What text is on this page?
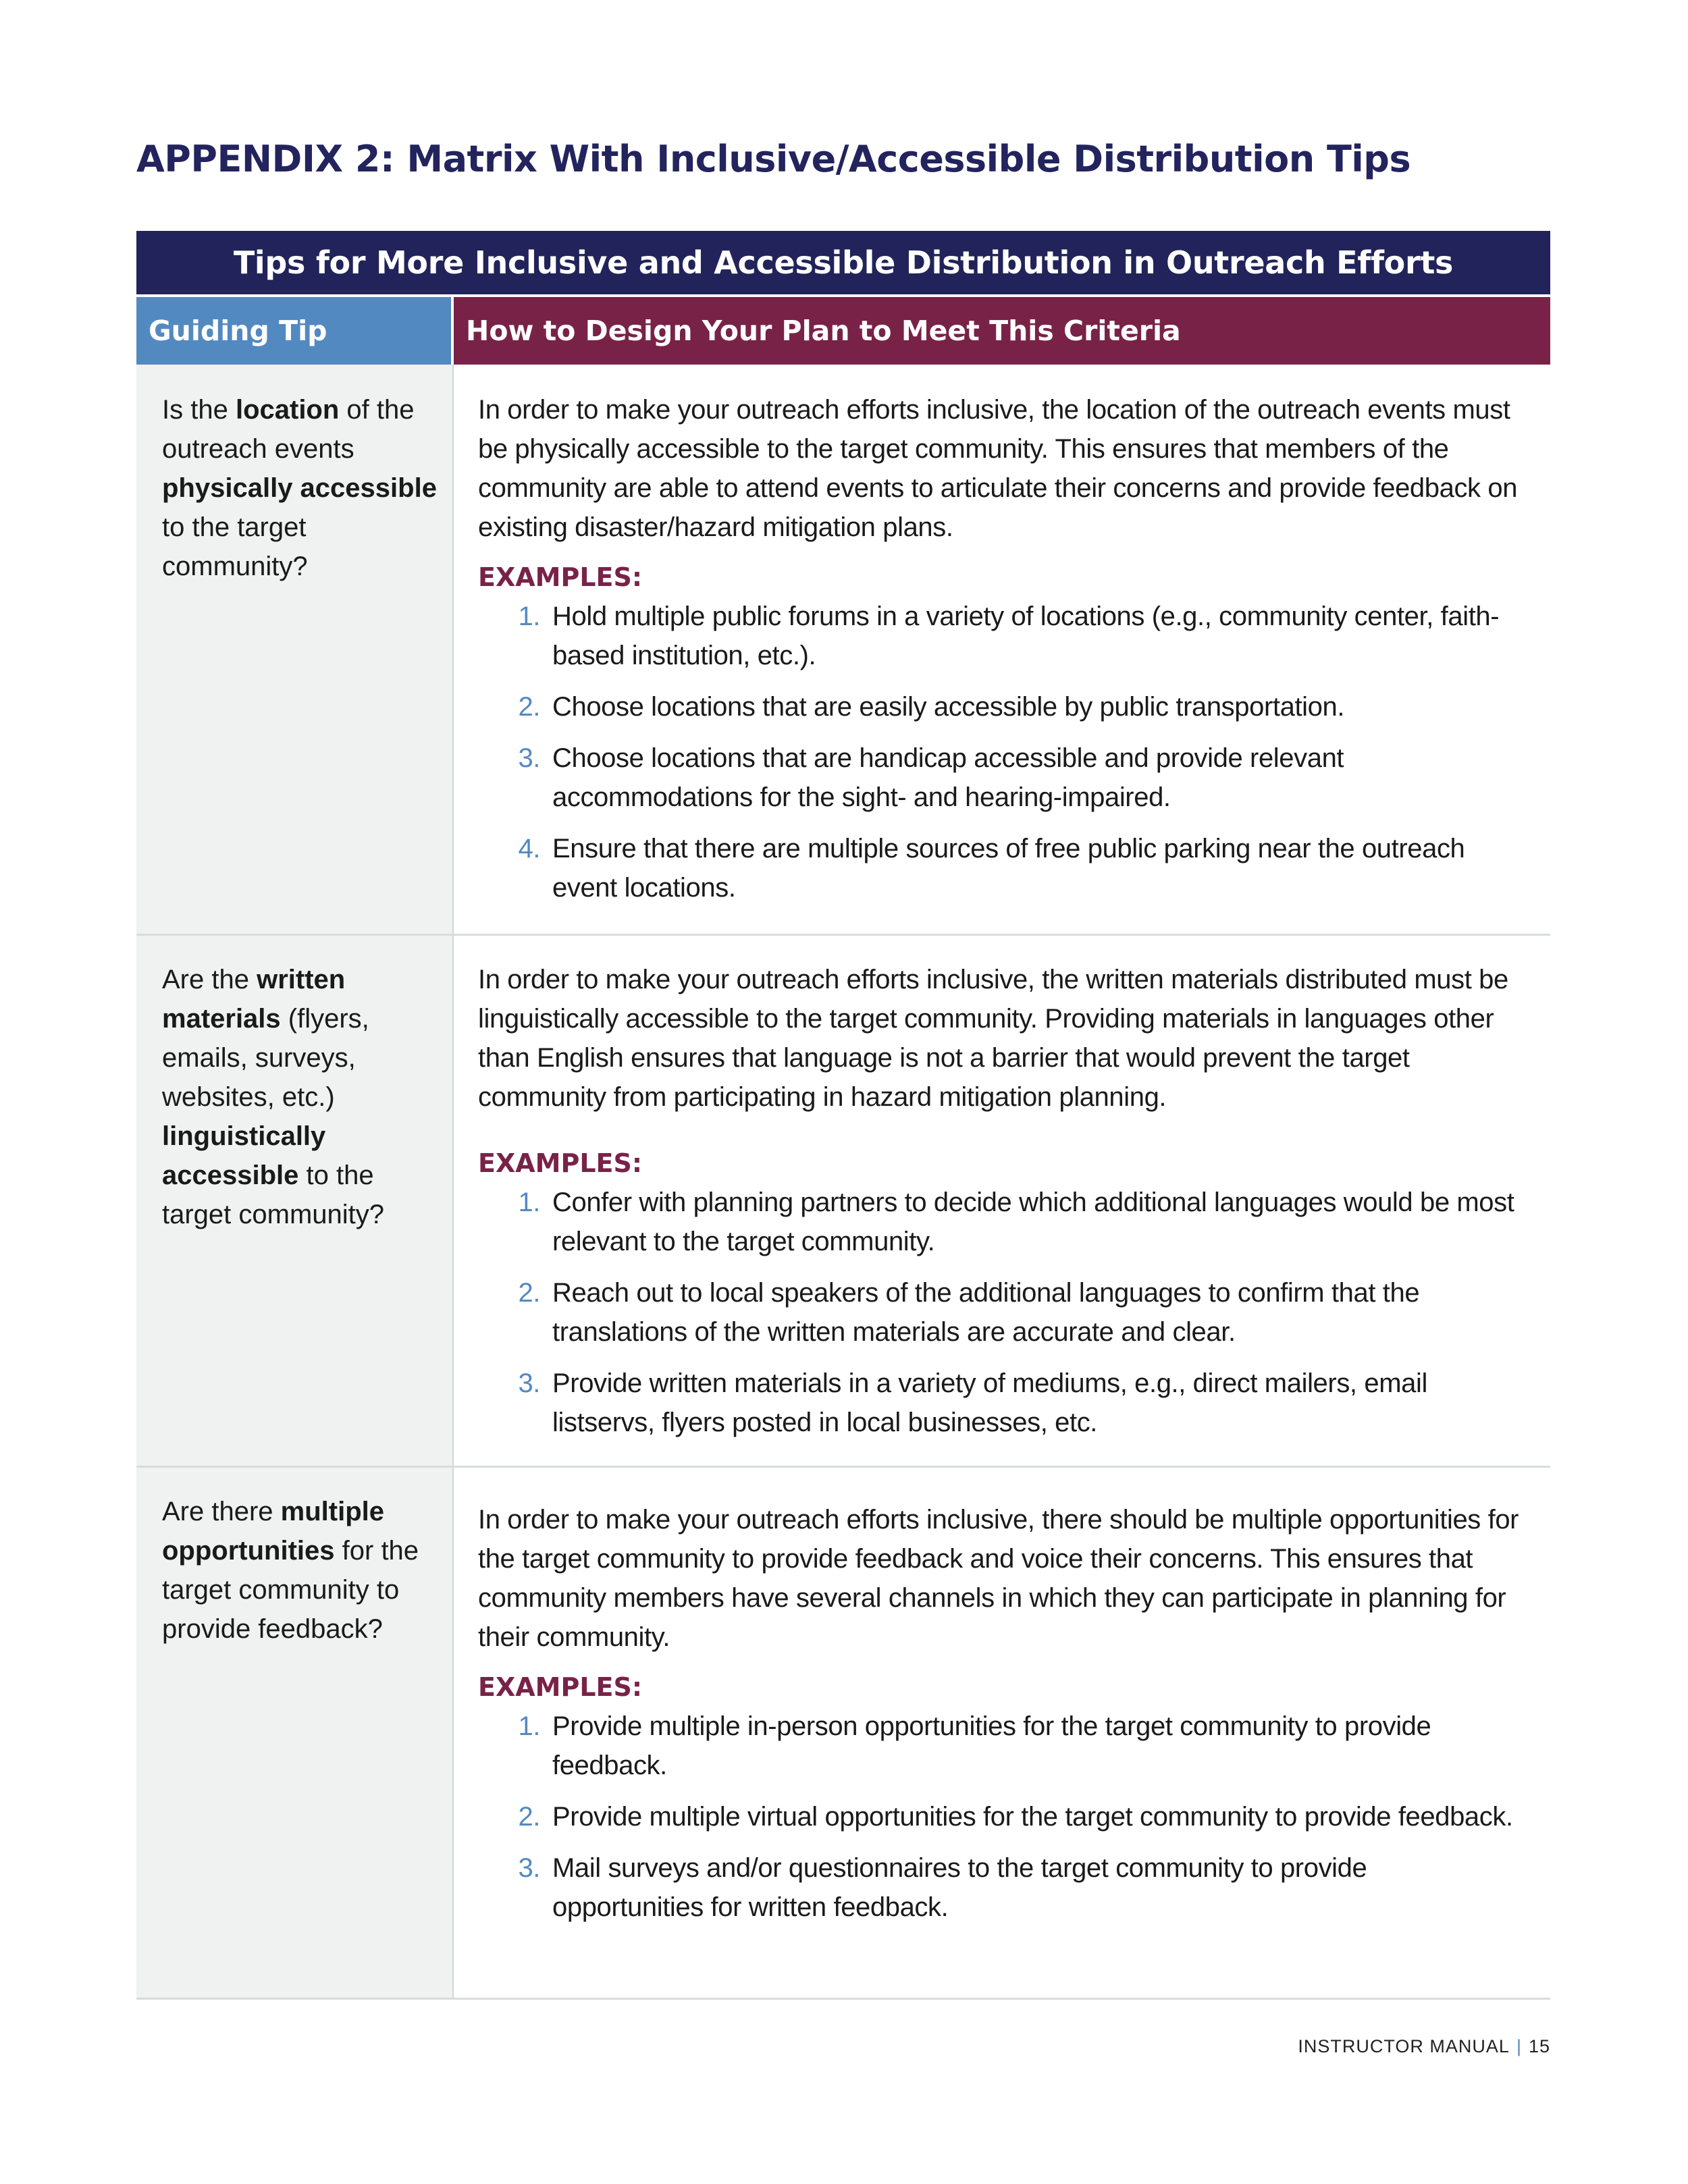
APPENDIX 2: Matrix With Inclusive/Accessible Distribution Tips
Tips for More Inclusive and Accessible Distribution in Outreach Efforts
Guiding Tip	How to Design Your Plan to Meet This Criteria
Is the location of the outreach events physically accessible to the target community?

In order to make your outreach efforts inclusive, the location of the outreach events must be physically accessible to the target community. This ensures that members of the community are able to attend events to articulate their concerns and provide feedback on existing disaster/hazard mitigation plans.

EXAMPLES:
1. Hold multiple public forums in a variety of locations (e.g., community center, faith-based institution, etc.).
2. Choose locations that are easily accessible by public transportation.
3. Choose locations that are handicap accessible and provide relevant accommodations for the sight- and hearing-impaired.
4. Ensure that there are multiple sources of free public parking near the outreach event locations.
Are the written materials (flyers, emails, surveys, websites, etc.) linguistically accessible to the target community?

In order to make your outreach efforts inclusive, the written materials distributed must be linguistically accessible to the target community. Providing materials in languages other than English ensures that language is not a barrier that would prevent the target community from participating in hazard mitigation planning.

EXAMPLES:
1. Confer with planning partners to decide which additional languages would be most relevant to the target community.
2. Reach out to local speakers of the additional languages to confirm that the translations of the written materials are accurate and clear.
3. Provide written materials in a variety of mediums, e.g., direct mailers, email listservs, flyers posted in local businesses, etc.
Are there multiple opportunities for the target community to provide feedback?

In order to make your outreach efforts inclusive, there should be multiple opportunities for the target community to provide feedback and voice their concerns. This ensures that community members have several channels in which they can participate in planning for their community.

EXAMPLES:
1. Provide multiple in-person opportunities for the target community to provide feedback.
2. Provide multiple virtual opportunities for the target community to provide feedback.
3. Mail surveys and/or questionnaires to the target community to provide opportunities for written feedback.
INSTRUCTOR MANUAL | 15
